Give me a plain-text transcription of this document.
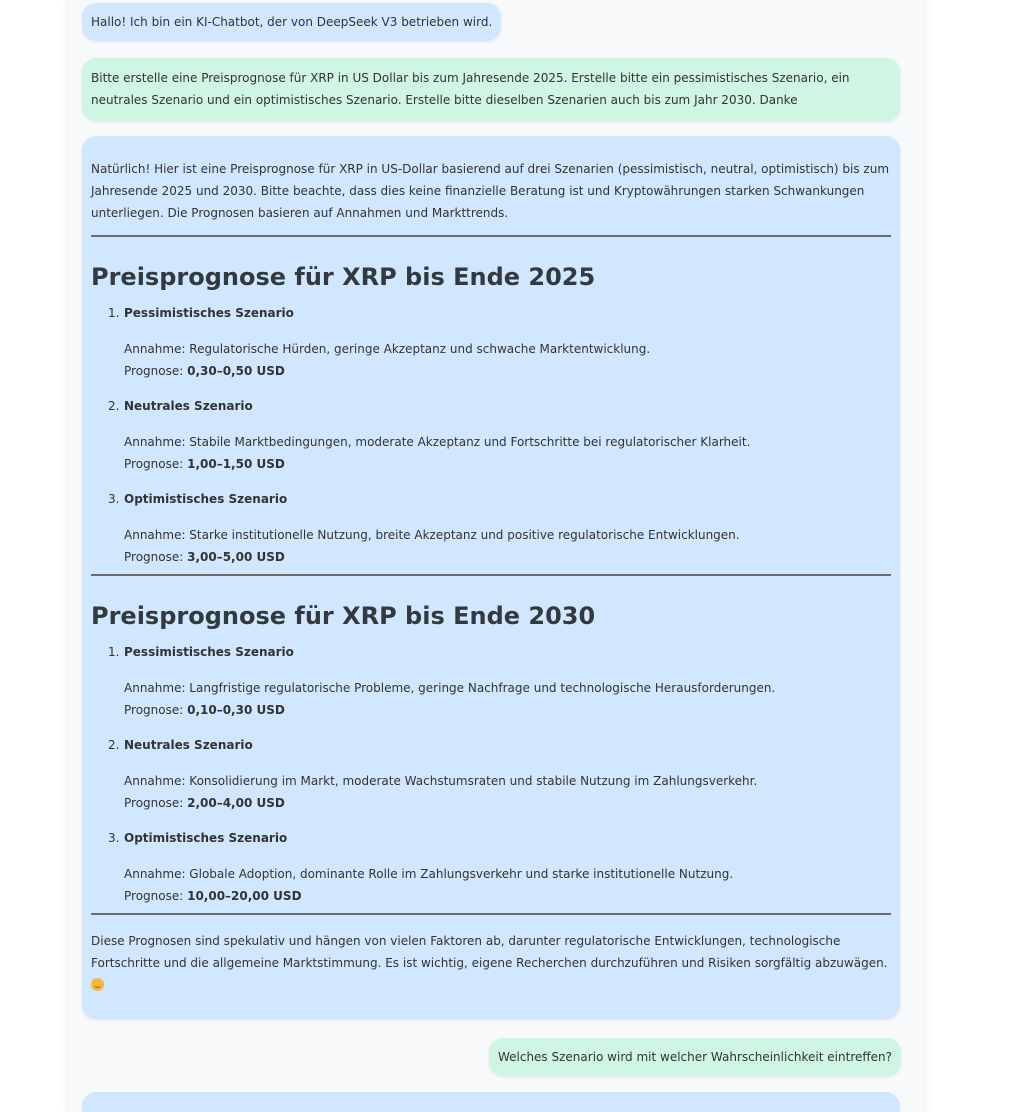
Hallo! Ich bin ein KI-Chatbot, der von DeepSeek V3 betrieben wird.

Bitte erstelle eine Preisprognose für XRP in US Dollar bis zum Jahresende 2025. Erstelle bitte ein pessimistisches Szenario, ein neutrales Szenario und ein optimistisches Szenario. Erstelle bitte dieselben Szenarien auch bis zum Jahr 2030. Danke

Natürlich! Hier ist eine Preisprognose für XRP in US-Dollar basierend auf drei Szenarien (pessimistisch, neutral, optimistisch) bis zum Jahresende 2025 und 2030. Bitte beachte, dass dies keine finanzielle Beratung ist und Kryptowährungen starken Schwankungen unterliegen. Die Prognosen basieren auf Annahmen und Markttrends.

Preisprognose für XRP bis Ende 2025
1. Pessimistisches Szenario

Annahme: Regulatorische Hürden, geringe Akzeptanz und schwache Marktentwicklung.

Prognose: 0,30–0,50 USD

2. Neutrales Szenario

Annahme: Stabile Marktbedingungen, moderate Akzeptanz und Fortschritte bei regulatorischer Klarheit.

Prognose: 1,00–1,50 USD

3. Optimistisches Szenario

Annahme: Starke institutionelle Nutzung, breite Akzeptanz und positive regulatorische Entwicklungen.

Prognose: 3,00–5,00 USD

Preisprognose für XRP bis Ende 2030
1. Pessimistisches Szenario

Annahme: Langfristige regulatorische Probleme, geringe Nachfrage und technologische Herausforderungen.

Prognose: 0,10–0,30 USD

2. Neutrales Szenario

Annahme: Konsolidierung im Markt, moderate Wachstumsraten und stabile Nutzung im Zahlungsverkehr.

Prognose: 2,00–4,00 USD

3. Optimistisches Szenario

Annahme: Globale Adoption, dominante Rolle im Zahlungsverkehr und starke institutionelle Nutzung.

Prognose: 10,00–20,00 USD

Diese Prognosen sind spekulativ und hängen von vielen Faktoren ab, darunter regulatorische Entwicklungen, technologische Fortschritte und die allgemeine Marktstimmung. Es ist wichtig, eigene Recherchen durchzuführen und Risiken sorgfältig abzuwägen.

Welches Szenario wird mit welcher Wahrscheinlichkeit eintreffen?
